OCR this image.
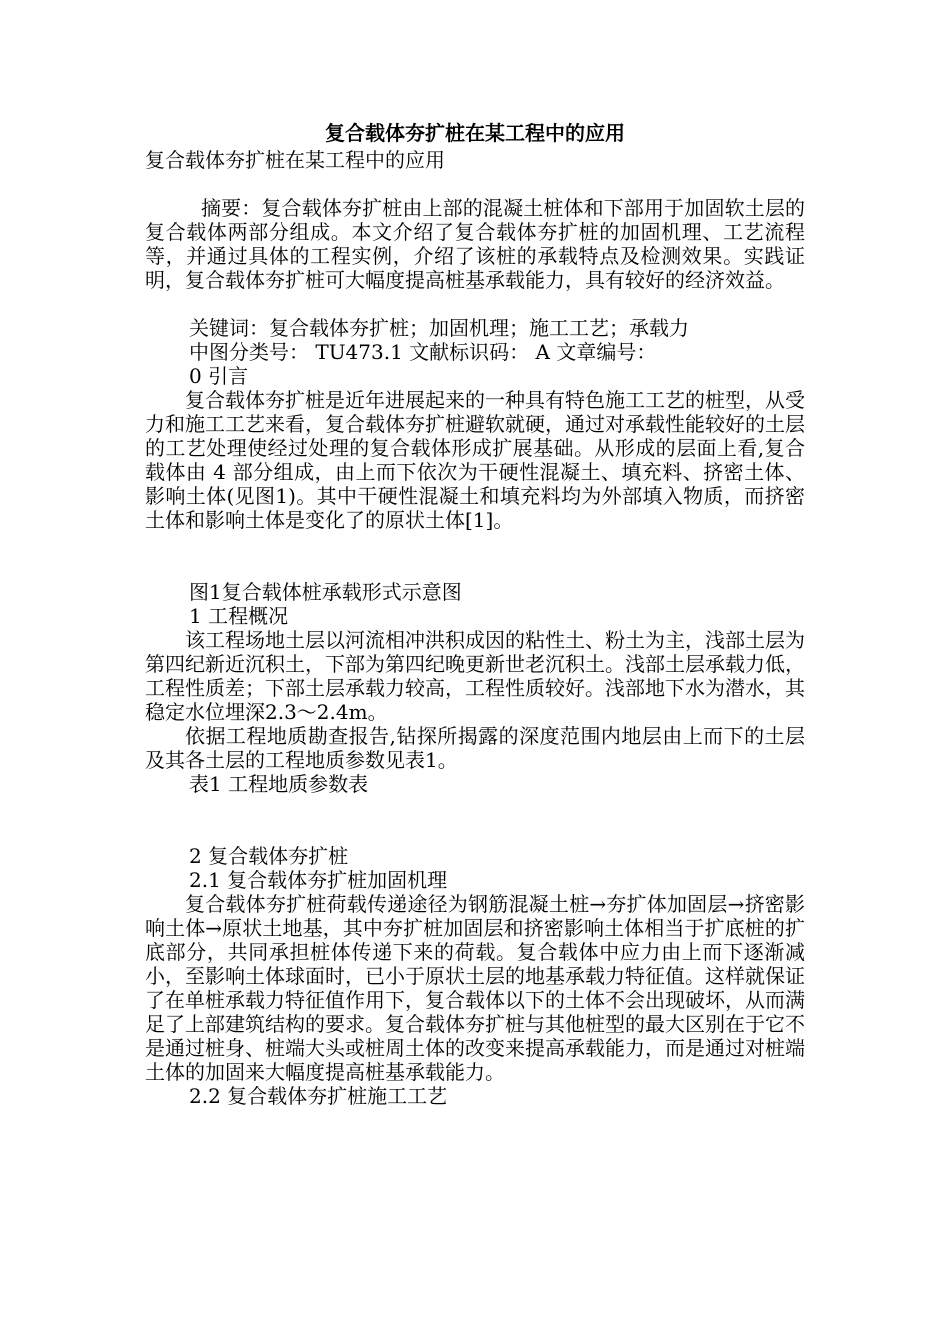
复合载体夯扩桩在某工程中的应用

复合载体夯扩桩在某工程中的应用

摘要：复合载体夯扩桩由上部的混凝土桩体和下部用于加固软土层的复合载体两部分组成。本文介绍了复合载体夯扩桩的加固机理、工艺流程等，并通过具体的工程实例，介绍了该桩的承载特点及检测效果。实践证明，复合载体夯扩桩可大幅度提高桩基承载能力，具有较好的经济效益。

关键词：复合载体夯扩桩；加固机理；施工工艺；承载力

中图分类号： TU473.1 文献标识码： A 文章编号：

0 引言

复合载体夯扩桩是近年进展起来的一种具有特色施工工艺的桩型，从受力和施工工艺来看，复合载体夯扩桩避软就硬，通过对承载性能较好的土层的工艺处理使经过处理的复合载体形成扩展基础。从形成的层面上看,复合载体由 4 部分组成，由上而下依次为干硬性混凝土、填充料、挤密土体、影响土体(见图1)。其中干硬性混凝土和填充料均为外部填入物质，而挤密土体和影响土体是变化了的原状土体[1]。

图1复合载体桩承载形式示意图

1 工程概况

该工程场地土层以河流相冲洪积成因的粘性土、粉土为主，浅部土层为第四纪新近沉积土，下部为第四纪晚更新世老沉积土。浅部土层承载力低，工程性质差；下部土层承载力较高，工程性质较好。浅部地下水为潜水，其稳定水位埋深2.3～2.4m。

依据工程地质勘查报告,钻探所揭露的深度范围内地层由上而下的土层及其各土层的工程地质参数见表1。

表1 工程地质参数表

2 复合载体夯扩桩

2.1 复合载体夯扩桩加固机理

复合载体夯扩桩荷载传递途径为钢筋混凝土桩→夯扩体加固层→挤密影响土体→原状土地基，其中夯扩桩加固层和挤密影响土体相当于扩底桩的扩底部分，共同承担桩体传递下来的荷载。复合载体中应力由上而下逐渐减小，至影响土体球面时，已小于原状土层的地基承载力特征值。这样就保证了在单桩承载力特征值作用下，复合载体以下的土体不会出现破坏，从而满足了上部建筑结构的要求。复合载体夯扩桩与其他桩型的最大区别在于它不是通过桩身、桩端大头或桩周土体的改变来提高承载能力，而是通过对桩端土体的加固来大幅度提高桩基承载能力。

2.2 复合载体夯扩桩施工工艺
